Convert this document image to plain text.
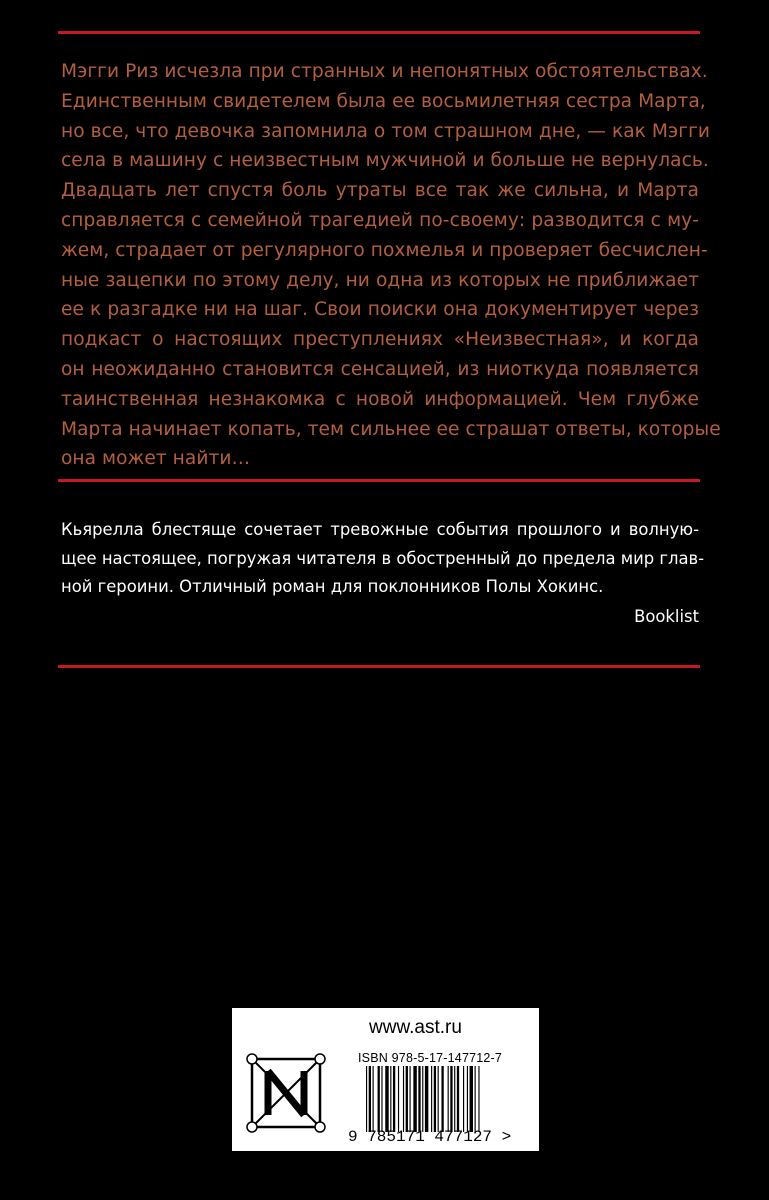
Мэгги Риз исчезла при странных и непонятных обстоятельствах.
Единственным свидетелем была ее восьмилетняя сестра Марта,
но все, что девочка запомнила о том страшном дне, — как Мэгги
села в машину с неизвестным мужчиной и больше не вернулась.
Двадцать лет спустя боль утраты все так же сильна, и Марта
справляется с семейной трагедией по-своему: разводится с му-
жем, страдает от регулярного похмелья и проверяет бесчислен-
ные зацепки по этому делу, ни одна из которых не приближает
ее к разгадке ни на шаг. Свои поиски она документирует через
подкаст о настоящих преступлениях «Неизвестная», и когда
он неожиданно становится сенсацией, из ниоткуда появляется
таинственная незнакомка с новой информацией. Чем глубже
Марта начинает копать, тем сильнее ее страшат ответы, которые
она может найти…
Кьярелла блестяще сочетает тревожные события прошлого и волную-
щее настоящее, погружая читателя в обостренный до предела мир глав-
ной героини. Отличный роман для поклонников Полы Хокинс.
Booklist
www.ast.ru
ISBN 978-5-17-147712-7
9 785171 477127 >
